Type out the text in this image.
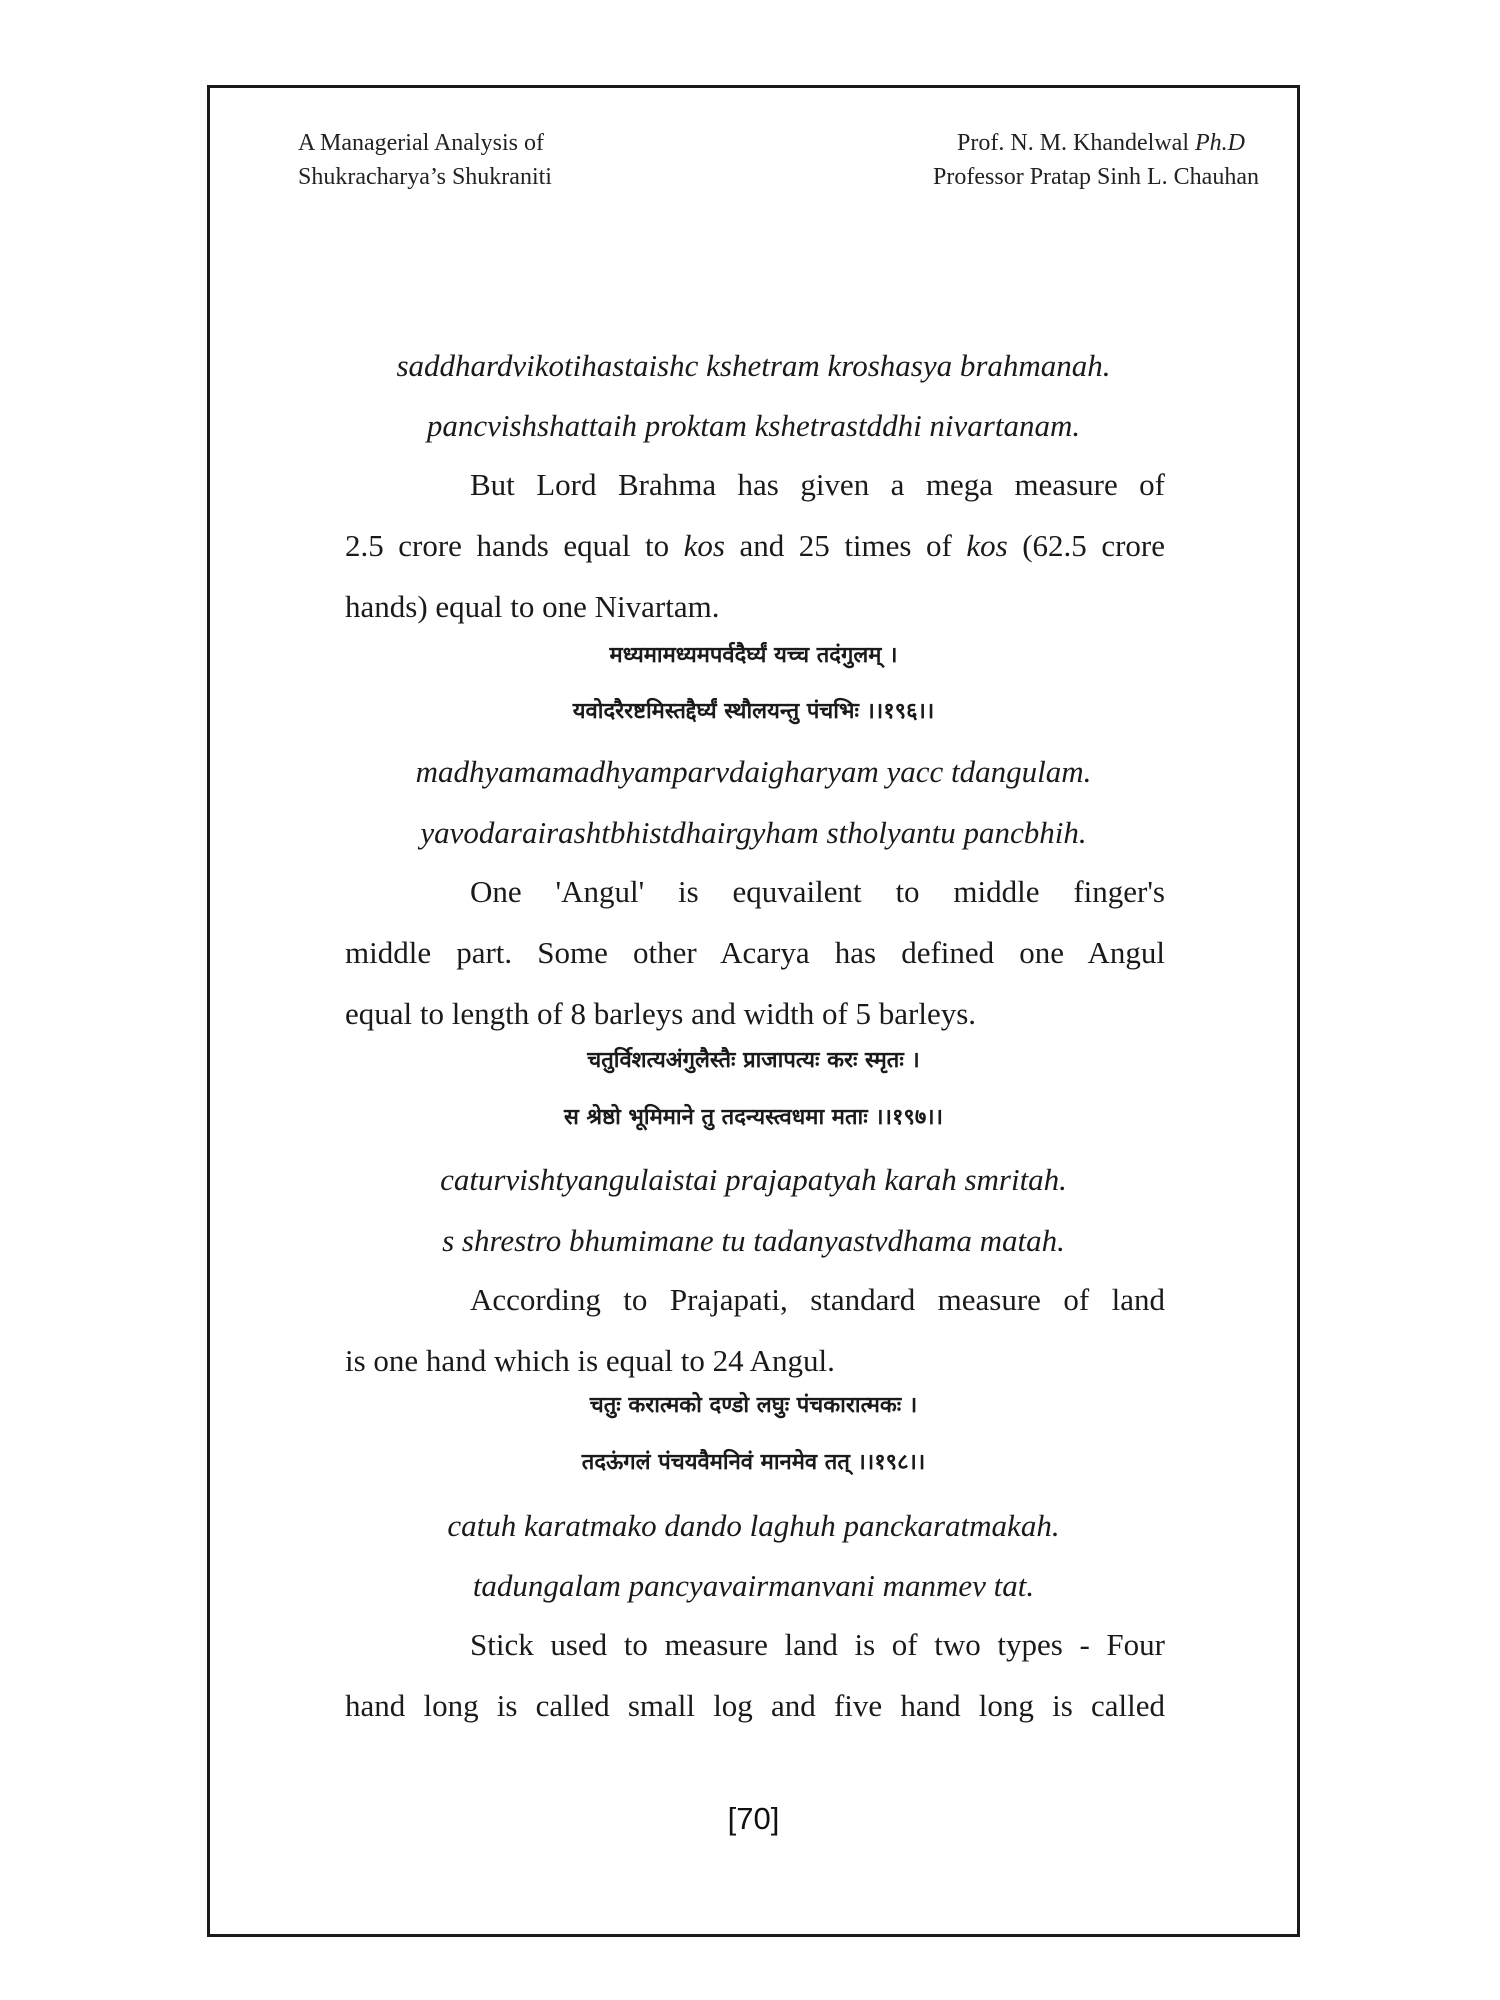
A Managerial Analysis of
Shukracharya’s Shukraniti
Prof. N. M. Khandelwal Ph.D
Professor Pratap Sinh L. Chauhan
saddhardvikotihastaishc kshetram kroshasya brahmanah.
pancvishshattaih proktam kshetrastddhi nivartanam.
But Lord Brahma has given a mega measure of
2.5 crore hands equal to kos and 25 times of kos (62.5 crore
hands) equal to one Nivartam.
मध्यमामध्यमपर्वदैर्घ्यं यच्च तदंगुलम् ।
यवोदरैरष्टमिस्तद्दैर्घ्यं स्थौलयन्तु पंचभिः ।।१९६।।
madhyamamadhyamparvdaigharyam yacc tdangulam.
yavodarairashtbhistdhairgyham stholyantu pancbhih.
One 'Angul' is equvailent to middle finger's
middle part. Some other Acarya has defined one Angul
equal to length of 8 barleys and width of 5 barleys.
चतुर्विशत्यअंगुलैस्तैः प्राजापत्यः करः स्मृतः ।
स श्रेष्ठो भूमिमाने तु तदन्यस्त्वधमा मताः ।।१९७।।
caturvishtyangulaistai prajapatyah karah smritah.
s shrestro bhumimane tu tadanyastvdhama matah.
According to Prajapati, standard measure of land
is one hand which is equal to 24 Angul.
चतुः करात्मको दण्डो लघुः पंचकारात्मकः ।
तदऊंगलं पंचयवैमनिवं मानमेव तत् ।।१९८।।
catuh karatmako dando laghuh panckaratmakah.
tadungalam pancyavairmanvani manmev tat.
Stick used to measure land is of two types - Four
hand long is called small log and five hand long is called
[70]
